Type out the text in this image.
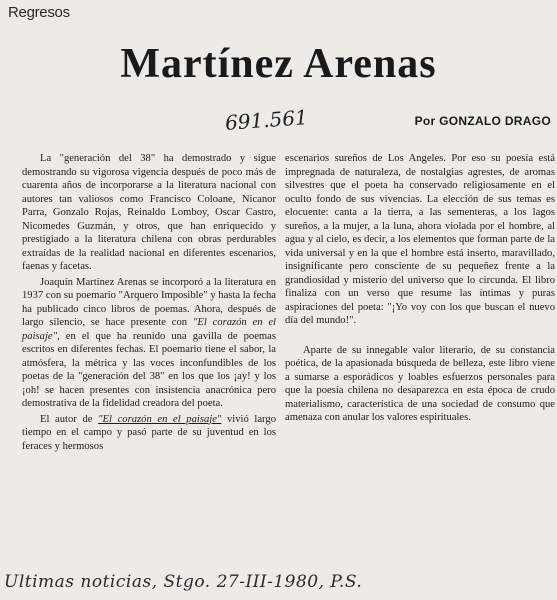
Regresos
Martínez Arenas
691.561	Por GONZALO DRAGO

La "generación del 38" ha demostrado y sigue demostrando su vigorosa vigencia después de poco más de cuarenta años de incorporarse a la literatura nacional con autores tan valiosos como Francisco Coloane, Nicanor Parra, Gonzalo Rojas, Reinaldo Lomboy, Oscar Castro, Nicomedes Guzmán, y otros, que han enriquecido y prestigiado a la literatura chilena con obras perdurables extraídas de la realidad nacional en diferentes escenarios, faenas y facetas.

Joaquín Martínez Arenas se incorporó a la literatura en 1937 con su poemario "Arquero Imposible" y hasta la fecha ha publicado cinco libros de poemas. Ahora, después de largo silencio, se hace presente con "El corazón en el paisaje", en el que ha reunido una gavilla de poemas escritos en diferentes fechas. El poemario tiene el sabor, la atmósfera, la métrica y las voces inconfundibles de los poetas de la "generación del 38" en los que los ¡ay! y los ¡oh! se hacen presentes con insistencia anacrónica pero demostrativa de la fidelidad creadora del poeta.

El autor de "El corazón en el paisaje" vivió largo tiempo en el campo y pasó parte de su juventud en los feraces y hermosos

escenarios sureños de Los Angeles. Por eso su poesía está impregnada de naturaleza, de nostalgias agrestes, de aromas silvestres que el poeta ha conservado religiosamente en el oculto fondo de sus vivencias. La elección de sus temas es elocuente: canta a la tierra, a las sementeras, a los lagos sureños, a la mujer, a la luna, ahora violada por el hombre, al agua y al cielo, es decir, a los elementos que forman parte de la vida universal y en la que el hombre está inserto, maravillado, insignificante pero consciente de su pequeñez frente a la grandiosidad y misterio del universo que lo circunda. El libro finaliza con un verso que resume las íntimas y puras aspiraciones del poeta: "¡Yo voy con los que buscan el nuevo día del mundo!".

Aparte de su innegable valor literario, de su constancia poética, de la apasionada búsqueda de belleza, este libro viene a sumarse a esporádicos y loables esfuerzos personales para que la poesía chilena no desaparezca en esta época de crudo materialismo, característica de una sociedad de consumo que amenaza con anular los valores espirituales.

Ultimas noticias, Stgo. 27-III-1980, P.S.
